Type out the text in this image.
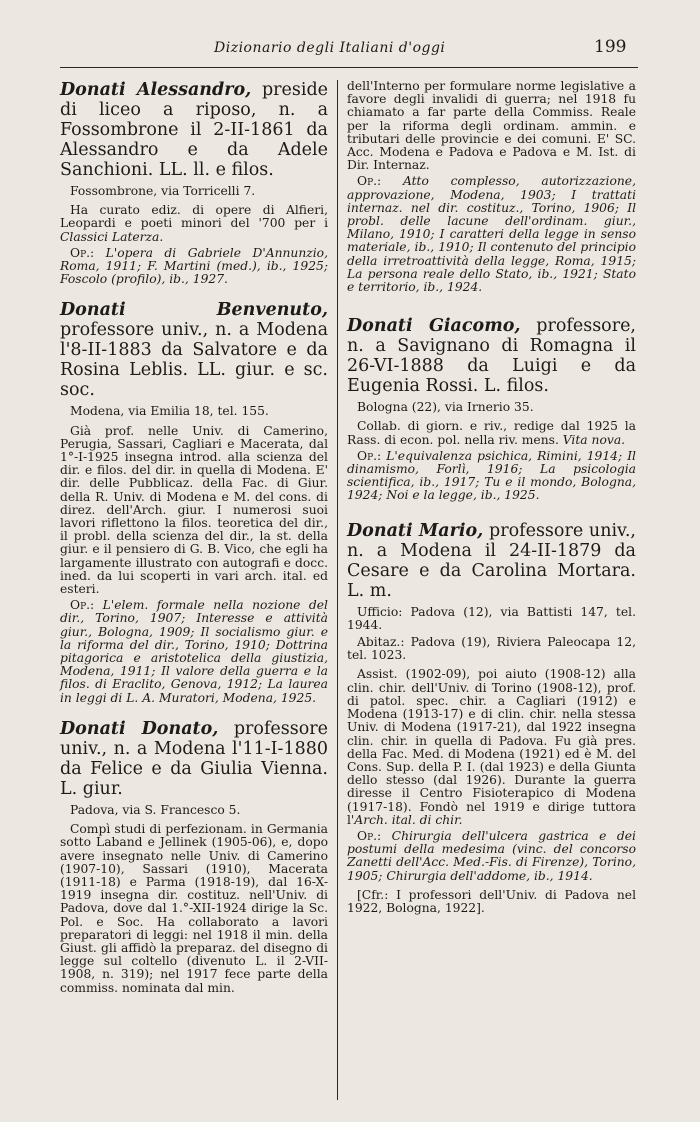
Dizionario degli Italiani d'oggi	199
Donati Alessandro, preside di liceo a riposo, n. a Fossombrone il 2-II-1861 da Alessandro e da Adele Sanchioni. LL. ll. e filos.
Fossombrone, via Torricelli 7.
Ha curato ediz. di opere di Alfieri, Leopardi e poeti minori del '700 per i Classici Laterza.
Op.: L'opera di Gabriele D'Annunzio, Roma, 1911; F. Martini (med.), ib., 1925; Foscolo (profilo), ib., 1927.
Donati Benvenuto, professore univ., n. a Modena l'8-II-1883 da Salvatore e da Rosina Leblis. LL. giur. e sc. soc.
Modena, via Emilia 18, tel. 155.
Già prof. nelle Univ. di Camerino, Perugia, Sassari, Cagliari e Macerata, dal 1°-I-1925 insegna introd. alla scienza del dir. e filos. del dir. in quella di Modena. E' dir. delle Pubblicaz. della Fac. di Giur. della R. Univ. di Modena e M. del cons. di direz. dell'Arch. giur. I numerosi suoi lavori riflettono la filos. teoretica del dir., il probl. della scienza del dir., la st. della giur. e il pensiero di G. B. Vico, che egli ha largamente illustrato con autografi e docc. ined. da lui scoperti in vari arch. ital. ed esteri.
Op.: L'elem. formale nella nozione del dir., Torino, 1907; Interesse e attività giur., Bologna, 1909; Il socialismo giur. e la riforma del dir., Torino, 1910; Dottrina pitagorica e aristotelica della giustizia, Modena, 1911; Il valore della guerra e la filos. di Eraclito, Genova, 1912; La laurea in leggi di L. A. Muratori, Modena, 1925.
Donati Donato, professore univ., n. a Modena l'11-I-1880 da Felice e da Giulia Vienna. L. giur.
Padova, via S. Francesco 5.
Compì studi di perfezionam. in Germania sotto Laband e Jellinek (1905-06), e, dopo avere insegnato nelle Univ. di Camerino (1907-10), Sassari (1910), Macerata (1911-18) e Parma (1918-19), dal 16-X-1919 insegna dir. costituz. nell'Univ. di Padova, dove dal 1.°-XII-1924 dirige la Sc. Pol. e Soc. Ha collaborato a lavori preparatori di leggi: nel 1918 il min. della Giust. gli affidò la preparaz. del disegno di legge sul coltello (divenuto L. il 2-VII-1908, n. 319); nel 1917 fece parte della commiss. nominata dal min.
dell'Interno per formulare norme legislative a favore degli invalidi di guerra; nel 1918 fu chiamato a far parte della Commiss. Reale per la riforma degli ordinam. ammin. e tributari delle provincie e dei comuni. E' SC. Acc. Modena e Padova e Padova e M. Ist. di Dir. Internaz.
Op.: Atto complesso, autorizzazione, approvazione, Modena, 1903; I trattati internaz. nel dir. costituz., Torino, 1906; Il probl. delle lacune dell'ordinam. giur., Milano, 1910; I caratteri della legge in senso materiale, ib., 1910; Il contenuto del principio della irretroattività della legge, Roma, 1915; La persona reale dello Stato, ib., 1921; Stato e territorio, ib., 1924.
Donati Giacomo, professore, n. a Savignano di Romagna il 26-VI-1888 da Luigi e da Eugenia Rossi. L. filos.
Bologna (22), via Irnerio 35.
Collab. di giorn. e riv., redige dal 1925 la Rass. di econ. pol. nella riv. mens. Vita nova.
Op.: L'equivalenza psichica, Rimini, 1914; Il dinamismo, Forlì, 1916; La psicologia scientifica, ib., 1917; Tu e il mondo, Bologna, 1924; Noi e la legge, ib., 1925.
Donati Mario, professore univ., n. a Modena il 24-II-1879 da Cesare e da Carolina Mortara. L. m.
Ufficio: Padova (12), via Battisti 147, tel. 1944.
Abitaz.: Padova (19), Riviera Paleocapa 12, tel. 1023.
Assist. (1902-09), poi aiuto (1908-12) alla clin. chir. dell'Univ. di Torino (1908-12), prof. di patol. spec. chir. a Cagliari (1912) e Modena (1913-17) e di clin. chir. nella stessa Univ. di Modena (1917-21), dal 1922 insegna clin. chir. in quella di Padova. Fu già pres. della Fac. Med. di Modena (1921) ed è M. del Cons. Sup. della P. I. (dal 1923) e della Giunta dello stesso (dal 1926). Durante la guerra diresse il Centro Fisioterapico di Modena (1917-18). Fondò nel 1919 e dirige tuttora l'Arch. ital. di chir.
Op.: Chirurgia dell'ulcera gastrica e dei postumi della medesima (vinc. del concorso Zanetti dell'Acc. Med.-Fis. di Firenze), Torino, 1905; Chirurgia dell'addome, ib., 1914.
[Cfr.: I professori dell'Univ. di Padova nel 1922, Bologna, 1922].
